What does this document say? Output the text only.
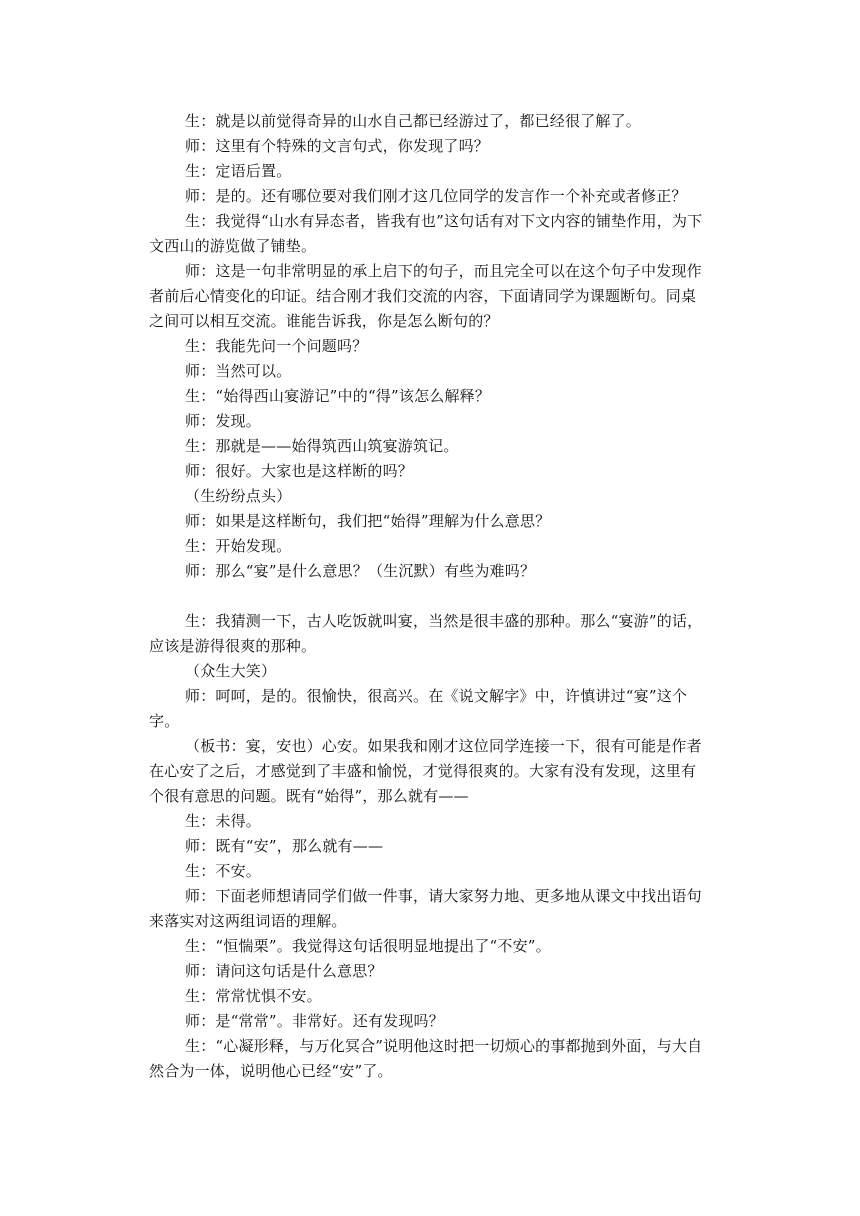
生：就是以前觉得奇异的山水自己都已经游过了，都已经很了解了。

师：这里有个特殊的文言句式，你发现了吗？

生：定语后置。

师：是的。还有哪位要对我们刚才这几位同学的发言作一个补充或者修正？

生：我觉得“山水有异态者，皆我有也”这句话有对下文内容的铺垫作用，为下文西山的游览做了铺垫。

师：这是一句非常明显的承上启下的句子，而且完全可以在这个句子中发现作者前后心情变化的印证。结合刚才我们交流的内容，下面请同学为课题断句。同桌之间可以相互交流。谁能告诉我，你是怎么断句的？

生：我能先问一个问题吗？

师：当然可以。

生：“始得西山宴游记”中的“得”该怎么解释？

师：发现。

生：那就是——始得筑西山筑宴游筑记。

师：很好。大家也是这样断的吗？

（生纷纷点头）

师：如果是这样断句，我们把“始得”理解为什么意思？

生：开始发现。

师：那么“宴”是什么意思？（生沉默）有些为难吗？

生：我猜测一下，古人吃饭就叫宴，当然是很丰盛的那种。那么“宴游”的话，应该是游得很爽的那种。

（众生大笑）

师：呵呵，是的。很愉快，很高兴。在《说文解字》中，许慎讲过“宴”这个字。

（板书：宴，安也）心安。如果我和刚才这位同学连接一下，很有可能是作者在心安了之后，才感觉到了丰盛和愉悦，才觉得很爽的。大家有没有发现，这里有个很有意思的问题。既有“始得”，那么就有——

生：未得。

师：既有“安”，那么就有——

生：不安。

师：下面老师想请同学们做一件事，请大家努力地、更多地从课文中找出语句来落实对这两组词语的理解。

生：“恒惴栗”。我觉得这句话很明显地提出了“不安”。

师：请问这句话是什么意思？

生：常常忧惧不安。

师：是“常常”。非常好。还有发现吗？

生：“心凝形释，与万化冥合”说明他这时把一切烦心的事都抛到外面，与大自然合为一体，说明他心已经“安”了。
